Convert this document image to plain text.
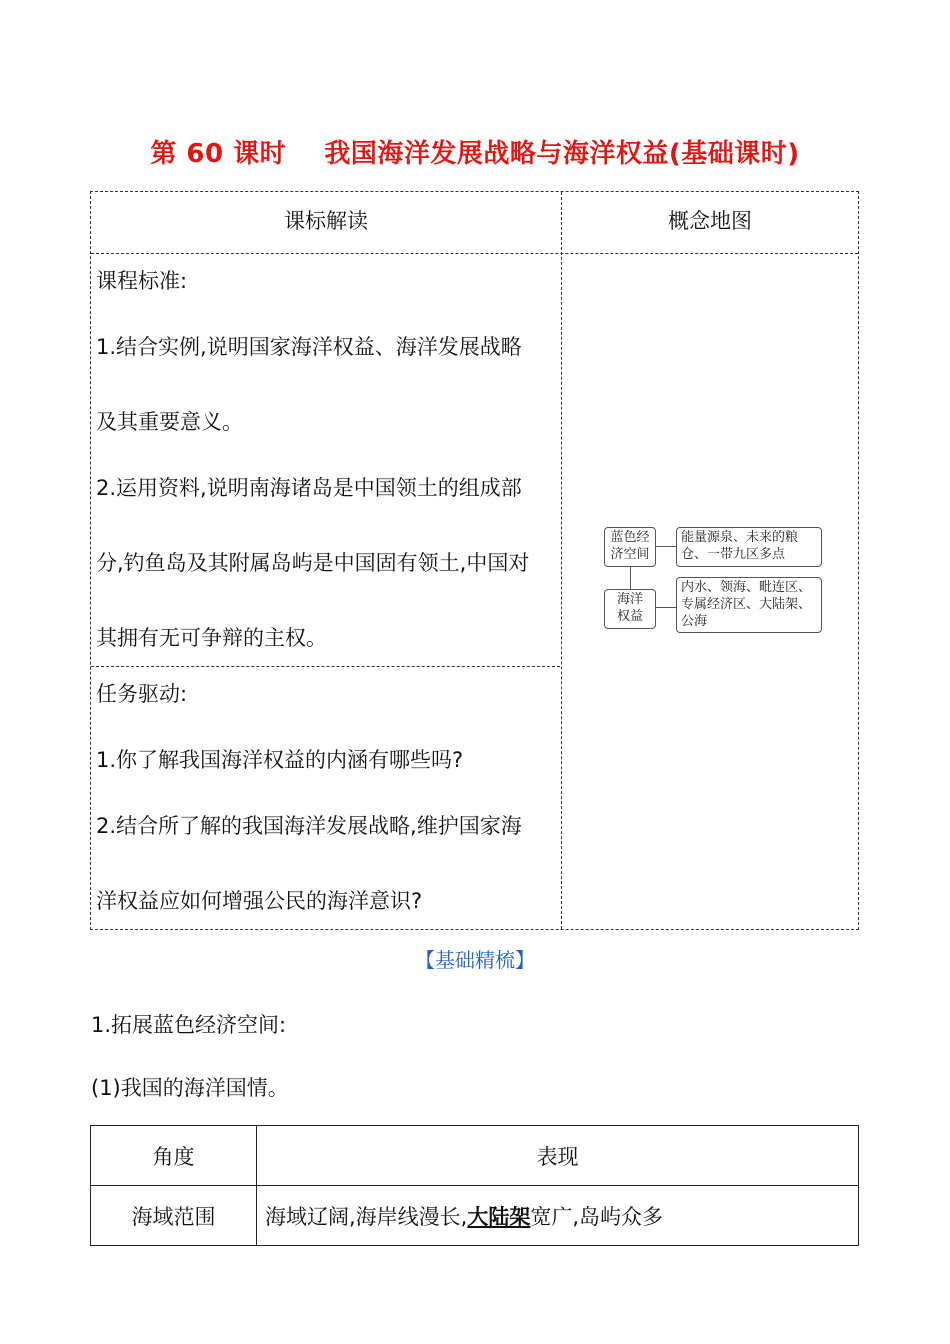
第 60 课时    我国海洋发展战略与海洋权益(基础课时)
课标解读	概念地图

课程标准:

1.结合实例,说明国家海洋权益、海洋发展战略

及其重要意义。

2.运用资料,说明南海诸岛是中国领土的组成部

分,钓鱼岛及其附属岛屿是中国固有领土,中国对

其拥有无可争辩的主权。

任务驱动:

1.你了解我国海洋权益的内涵有哪些吗?

2.结合所了解的我国海洋发展战略,维护国家海

洋权益应如何增强公民的海洋意识?

蓝色经
济空间
能量源泉、未来的粮
仓、一带九区多点
海洋
权益
内水、领海、毗连区、
专属经济区、大陆架、
公海
【基础精梳】
1.拓展蓝色经济空间:
(1)我国的海洋国情。
角度	表现
海域范围	海域辽阔,海岸线漫长,大陆架宽广,岛屿众多
